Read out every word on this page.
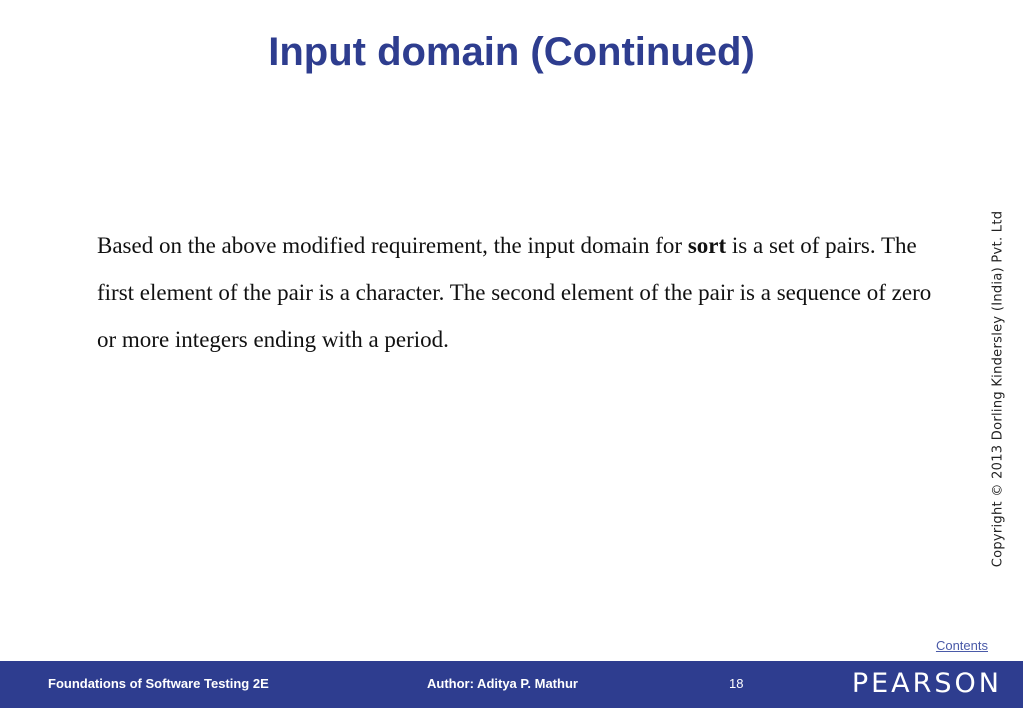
Input domain (Continued)
Based on the above modified requirement, the input domain for sort is a set of pairs. The first element of the pair is a character. The second element of the pair is a sequence of zero or more integers ending with a period.	Copyright © 2013 Dorling Kindersley (India) Pvt. Ltd
Contents
Foundations of Software Testing 2E	Author: Aditya P. Mathur	18	PEARSON
